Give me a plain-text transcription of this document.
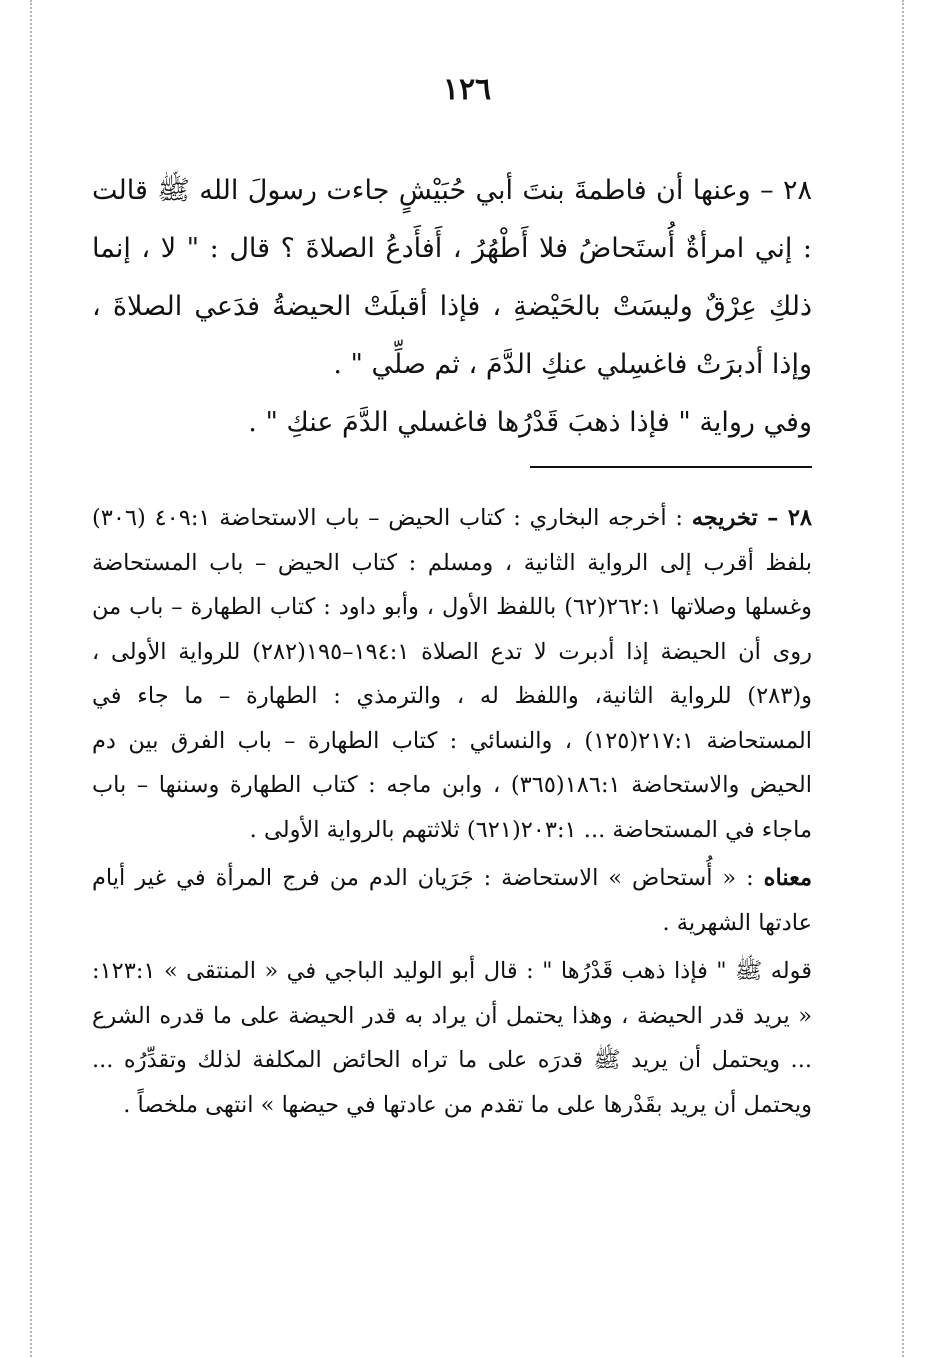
١٢٦

٢٨ – وعنها أن فاطمةَ بنتَ أبي حُبَيْشٍ جاءت رسولَ الله ﷺ قالت : إني امرأةٌ أُستَحاضُ فلا أَطْهُرُ ، أَفأَدعُ الصلاةَ ؟ قال : " لا ، إنما ذلكِ عِرْقٌ وليسَتْ بالحَيْضةِ ، فإذا أقبلَتْ الحيضةُ فدَعي الصلاةَ ، وإذا أدبرَتْ فاغسِلي عنكِ الدَّمَ ، ثم صلِّي " .

وفي رواية " فإذا ذهبَ قَدْرُها فاغسلي الدَّمَ عنكِ " .

٢٨ – تخريجه : أخرجه البخاري : كتاب الحيض – باب الاستحاضة ٤٠٩:١ (٣٠٦) بلفظ أقرب إلى الرواية الثانية ، ومسلم : كتاب الحيض – باب المستحاضة وغسلها وصلاتها ٢٦٢:١(٦٢) باللفظ الأول ، وأبو داود : كتاب الطهارة – باب من روى أن الحيضة إذا أدبرت لا تدع الصلاة ١٩٤:١–١٩٥(٢٨٢) للرواية الأولى ، و(٢٨٣) للرواية الثانية، واللفظ له ، والترمذي : الطهارة – ما جاء في المستحاضة ٢١٧:١(١٢٥) ، والنسائي : كتاب الطهارة – باب الفرق بين دم الحيض والاستحاضة ١٨٦:١(٣٦٥) ، وابن ماجه : كتاب الطهارة وسننها – باب ماجاء في المستحاضة ... ٢٠٣:١(٦٢١) ثلاثتهم بالرواية الأولى .

معناه : « أُستحاض » الاستحاضة : جَرَيان الدم من فرج المرأة في غير أيام عادتها الشهرية .

قوله ﷺ " فإذا ذهب قَدْرُها " : قال أبو الوليد الباجي في « المنتقى » ١٢٣:١: « يريد قدر الحيضة ، وهذا يحتمل أن يراد به قدر الحيضة على ما قدره الشرع ... ويحتمل أن يريد ﷺ قدرَه على ما تراه الحائض المكلفة لذلك وتقدِّرُه ... ويحتمل أن يريد بقَدْرها على ما تقدم من عادتها في حيضها » انتهى ملخصاً .
